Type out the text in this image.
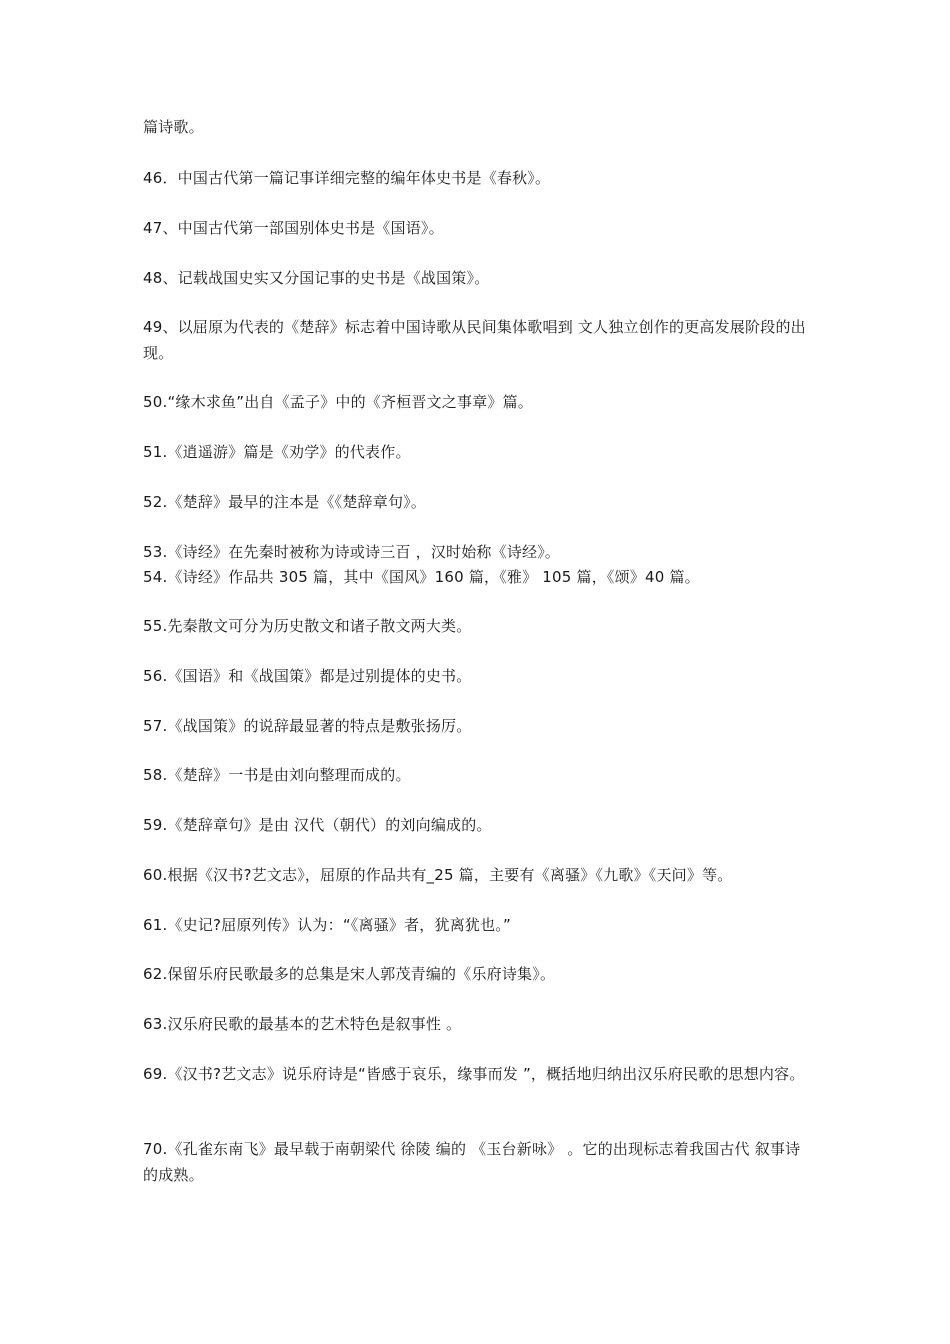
篇诗歌。
46．中国古代第一篇记事详细完整的编年体史书是《春秋》。
47、中国古代第一部国别体史书是《国语》。
48、记载战国史实又分国记事的史书是《战国策》。
49、以屈原为代表的《楚辞》标志着中国诗歌从民间集体歌唱到 文人独立创作的更高发展阶段的出现。
50.“缘木求鱼”出自《孟子》中的《齐桓晋文之事章》篇。
51.《逍遥游》篇是《劝学》的代表作。
52.《楚辞》最早的注本是《《楚辞章句》。
53.《诗经》在先秦时被称为诗或诗三百 ，汉时始称《诗经》。
54.《诗经》作品共 305 篇，其中《国风》160 篇，《雅》 105 篇，《颂》40 篇。
55.先秦散文可分为历史散文和诸子散文两大类。
56.《国语》和《战国策》都是过别提体的史书。
57.《战国策》的说辞最显著的特点是敷张扬厉。
58.《楚辞》一书是由刘向整理而成的。
59.《楚辞章句》是由 汉代（朝代）的刘向编成的。
60.根据《汉书?艺文志》，屈原的作品共有_25 篇，主要有《离骚》《九歌》《天问》等。
61.《史记?屈原列传》认为：“《离骚》者，犹离犹也。”
62.保留乐府民歌最多的总集是宋人郭茂青编的《乐府诗集》。
63.汉乐府民歌的最基本的艺术特色是叙事性 。
69.《汉书?艺文志》说乐府诗是“皆感于哀乐，缘事而发 ”，概括地归纳出汉乐府民歌的思想内容。
70.《孔雀东南飞》最早载于南朝梁代 徐陵 编的 《玉台新咏》 。它的出现标志着我国古代 叙事诗 的成熟。
